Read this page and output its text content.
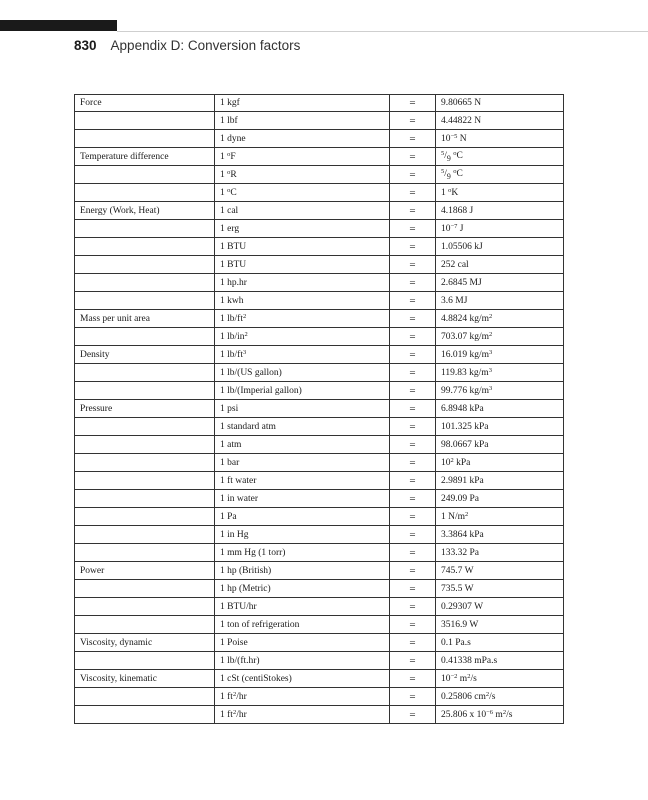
830 Appendix D: Conversion factors
Force	1 kgf	=	9.80665 N
	1 lbf	=	4.44822 N
	1 dyne	=	$10^{-5}$ N
Temperature difference	1 $^o$F	=	$^5/_9$ $^o$C
	1 $^o$R	=	$^5/_9$ $^o$C
	1 $^o$C	=	1 $^o$K
Energy (Work, Heat)	1 cal	=	4.1868 J
	1 erg	=	$10^{-7}$ J
	1 BTU	=	1.05506 kJ
	1 BTU	=	252 cal
	1 hp.hr	=	2.6845 MJ
	1 kwh	=	3.6 MJ
Mass per unit area	1 $lb/ft^2$	=	4.8824 $kg/m^2$
	1 $lb/in^2$	=	703.07 $kg/m^2$
Density	1 $lb/ft^3$	=	16.019 $kg/m^3$
	1 lb/(US gallon)	=	119.83 $kg/m^3$
	1 lb/(Imperial gallon)	=	99.776 $kg/m^3$
Pressure	1 psi	=	6.8948 kPa
	1 standard atm	=	101.325 kPa
	1 atm	=	98.0667 kPa
	1 bar	=	$10^2$ kPa
	1 ft water	=	2.9891 kPa
	1 in water	=	249.09 Pa
	1 Pa	=	1 $N/m^2$
	1 in Hg	=	3.3864 kPa
	1 mm Hg (1 torr)	=	133.32 Pa
Power	1 hp (British)	=	745.7 W
	1 hp (Metric)	=	735.5 W
	1 BTU/hr	=	0.29307 W
	1 ton of refrigeration	=	3516.9 W
Viscosity, dynamic	1 Poise	=	0.1 Pa.s
	1 lb/(ft.hr)	=	0.41338 mPa.s
Viscosity, kinematic	1 cSt (centiStokes)	=	$10^{-2}$ $m^2/s$
	1 $ft^2/hr$	=	0.25806 $cm^2/s$
	1 $ft^2/hr$	=	25.806 x $10^{-6}$ $m^2/s$
